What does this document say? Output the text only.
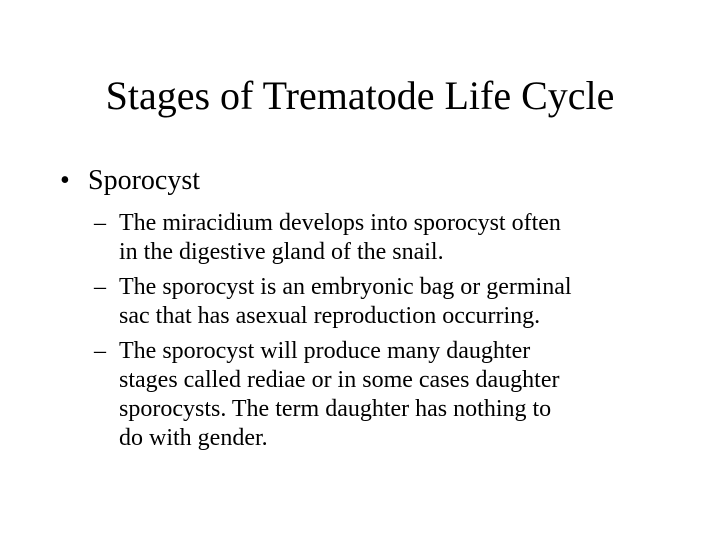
Stages of Trematode Life Cycle
• Sporocyst
– The miracidium develops into sporocyst often
in the digestive gland of the snail.
– The sporocyst is an embryonic bag or germinal
sac that has asexual reproduction occurring.
– The sporocyst will produce many daughter
stages called rediae or in some cases daughter
sporocysts. The term daughter has nothing to
do with gender.
